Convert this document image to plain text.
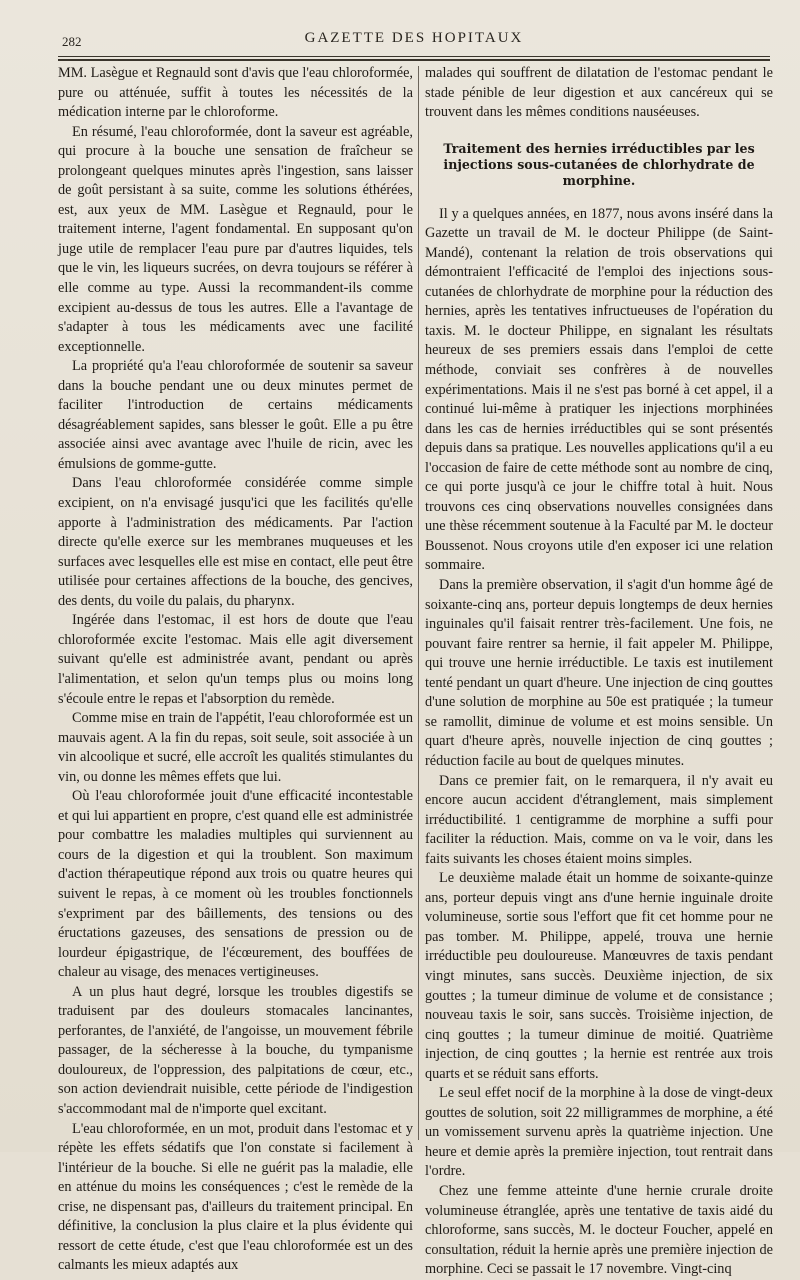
282	GAZETTE DES HOPITAUX

MM. Lasègue et Regnauld sont d'avis que l'eau chloroformée, pure ou atténuée, suffit à toutes les nécessités de la médication interne par le chloroforme.

En résumé, l'eau chloroformée, dont la saveur est agréable, qui procure à la bouche une sensation de fraîcheur se prolongeant quelques minutes après l'ingestion, sans laisser de goût persistant à sa suite, comme les solutions éthérées, est, aux yeux de MM. Lasègue et Regnauld, pour le traitement interne, l'agent fondamental. En supposant qu'on juge utile de remplacer l'eau pure par d'autres liquides, tels que le vin, les liqueurs sucrées, on devra toujours se référer à elle comme au type. Aussi la recommandent-ils comme excipient au-dessus de tous les autres. Elle a l'avantage de s'adapter à tous les médicaments avec une facilité exceptionnelle.

La propriété qu'a l'eau chloroformée de soutenir sa saveur dans la bouche pendant une ou deux minutes permet de faciliter l'introduction de certains médicaments désagréablement sapides, sans blesser le goût. Elle a pu être associée ainsi avec avantage avec l'huile de ricin, avec les émulsions de gomme-gutte.

Dans l'eau chloroformée considérée comme simple excipient, on n'a envisagé jusqu'ici que les facilités qu'elle apporte à l'administration des médicaments. Par l'action directe qu'elle exerce sur les membranes muqueuses et les surfaces avec lesquelles elle est mise en contact, elle peut être utilisée pour certaines affections de la bouche, des gencives, des dents, du voile du palais, du pharynx.

Ingérée dans l'estomac, il est hors de doute que l'eau chloroformée excite l'estomac. Mais elle agit diversement suivant qu'elle est administrée avant, pendant ou après l'alimentation, et selon qu'un temps plus ou moins long s'écoule entre le repas et l'absorption du remède.

Comme mise en train de l'appétit, l'eau chloroformée est un mauvais agent. A la fin du repas, soit seule, soit associée à un vin alcoolique et sucré, elle accroît les qualités stimulantes du vin, ou donne les mêmes effets que lui.

Où l'eau chloroformée jouit d'une efficacité incontestable et qui lui appartient en propre, c'est quand elle est administrée pour combattre les maladies multiples qui surviennent au cours de la digestion et qui la troublent. Son maximum d'action thérapeutique répond aux trois ou quatre heures qui suivent le repas, à ce moment où les troubles fonctionnels s'expriment par des bâillements, des tensions ou des éructations gazeuses, des sensations de pression ou de lourdeur épigastrique, de l'écœurement, des bouffées de chaleur au visage, des menaces vertigineuses.

A un plus haut degré, lorsque les troubles digestifs se traduisent par des douleurs stomacales lancinantes, perforantes, de l'anxiété, de l'angoisse, un mouvement fébrile passager, de la sécheresse à la bouche, du tympanisme douloureux, de l'oppression, des palpitations de cœur, etc., son action deviendrait nuisible, cette période de l'indigestion s'accommodant mal de n'importe quel excitant.

L'eau chloroformée, en un mot, produit dans l'estomac et y répète les effets sédatifs que l'on constate si facilement à l'intérieur de la bouche. Si elle ne guérit pas la maladie, elle en atténue du moins les conséquences ; c'est le remède de la crise, ne dispensant pas, d'ailleurs du traitement principal. En définitive, la conclusion la plus claire et la plus évidente qui ressort de cette étude, c'est que l'eau chloroformée est un des calmants les mieux adaptés aux

malades qui souffrent de dilatation de l'estomac pendant le stade pénible de leur digestion et aux cancéreux qui se trouvent dans les mêmes conditions nauséeuses.

Traitement des hernies irréductibles par les injections sous-cutanées de chlorhydrate de morphine.

Il y a quelques années, en 1877, nous avons inséré dans la Gazette un travail de M. le docteur Philippe (de Saint-Mandé), contenant la relation de trois observations qui démontraient l'efficacité de l'emploi des injections sous-cutanées de chlorhydrate de morphine pour la réduction des hernies, après les tentatives infructueuses de l'opération du taxis. M. le docteur Philippe, en signalant les résultats heureux de ses premiers essais dans l'emploi de cette méthode, conviait ses confrères à de nouvelles expérimentations. Mais il ne s'est pas borné à cet appel, il a continué lui-même à pratiquer les injections morphinées dans les cas de hernies irréductibles qui se sont présentés depuis dans sa pratique. Les nouvelles applications qu'il a eu l'occasion de faire de cette méthode sont au nombre de cinq, ce qui porte jusqu'à ce jour le chiffre total à huit. Nous trouvons ces cinq observations nouvelles consignées dans une thèse récemment soutenue à la Faculté par M. le docteur Boussenot. Nous croyons utile d'en exposer ici une relation sommaire.

Dans la première observation, il s'agit d'un homme âgé de soixante-cinq ans, porteur depuis longtemps de deux hernies inguinales qu'il faisait rentrer très-facilement. Une fois, ne pouvant faire rentrer sa hernie, il fait appeler M. Philippe, qui trouve une hernie irréductible. Le taxis est inutilement tenté pendant un quart d'heure. Une injection de cinq gouttes d'une solution de morphine au 50e est pratiquée ; la tumeur se ramollit, diminue de volume et est moins sensible. Un quart d'heure après, nouvelle injection de cinq gouttes ; réduction facile au bout de quelques minutes.

Dans ce premier fait, on le remarquera, il n'y avait eu encore aucun accident d'étranglement, mais simplement irréductibilité. 1 centigramme de morphine a suffi pour faciliter la réduction. Mais, comme on va le voir, dans les faits suivants les choses étaient moins simples.

Le deuxième malade était un homme de soixante-quinze ans, porteur depuis vingt ans d'une hernie inguinale droite volumineuse, sortie sous l'effort que fit cet homme pour ne pas tomber. M. Philippe, appelé, trouva une hernie irréductible peu douloureuse. Manœuvres de taxis pendant vingt minutes, sans succès. Deuxième injection, de six gouttes ; la tumeur diminue de volume et de consistance ; nouveau taxis le soir, sans succès. Troisième injection, de cinq gouttes ; la tumeur diminue de moitié. Quatrième injection, de cinq gouttes ; la hernie est rentrée aux trois quarts et se réduit sans efforts.

Le seul effet nocif de la morphine à la dose de vingt-deux gouttes de solution, soit 22 milligrammes de morphine, a été un vomissement survenu après la quatrième injection. Une heure et demie après la première injection, tout rentrait dans l'ordre.

Chez une femme atteinte d'une hernie crurale droite volumineuse étranglée, après une tentative de taxis aidé du chloroforme, sans succès, M. le docteur Foucher, appelé en consultation, réduit la hernie après une première injection de morphine. Ceci se passait le 17 novembre. Vingt-cinq
